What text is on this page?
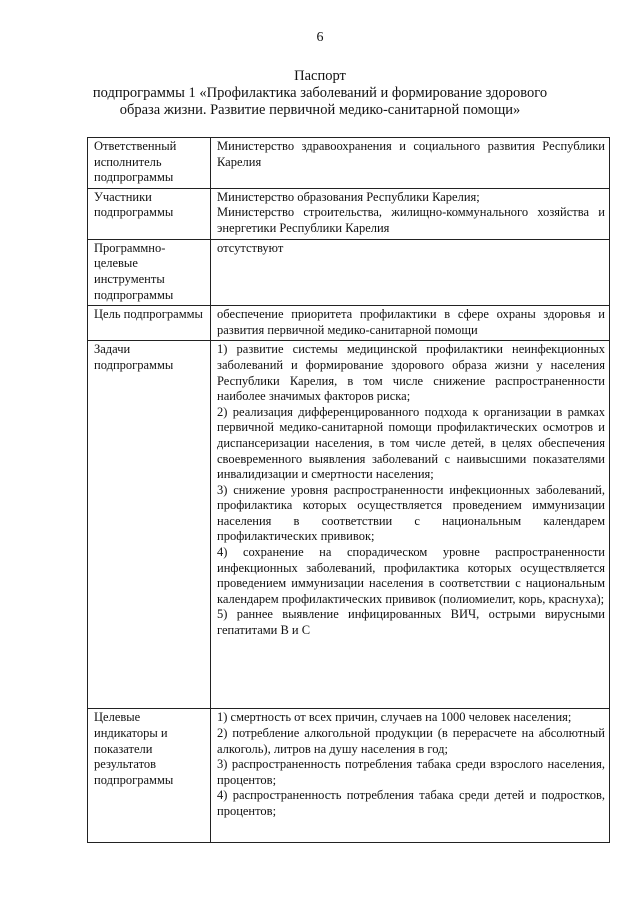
6
Паспорт
подпрограммы 1 «Профилактика заболеваний и формирование здорового
образа жизни. Развитие первичной медико-санитарной помощи»
Ответственный исполнитель подпрограммы	Министерство здравоохранения и социального развития Республики Карелия

Участники подпрограммы	Министерство образования Республики Карелия;

Министерство строительства, жилищно-коммунального хозяйства и энергетики Республики Карелия

Программно-целевые инструменты подпрограммы	отсутствуют

Цель подпрограммы	обеспечение приоритета профилактики в сфере охраны здоровья и развития первичной медико-санитарной помощи

Задачи подпрограммы	1) развитие системы медицинской профилактики неинфекционных заболеваний и формирование здорового образа жизни у населения Республики Карелия, в том числе снижение распространенности наиболее значимых факторов риска;

2) реализация дифференцированного подхода к организации в рамках первичной медико-санитарной помощи профилактических осмотров и диспансеризации населения, в том числе детей, в целях обеспечения своевременного выявления заболеваний с наивысшими показателями инвалидизации и смертности населения;

3) снижение уровня распространенности инфекционных заболеваний, профилактика которых осуществляется проведением иммунизации населения в соответствии с национальным календарем профилактических прививок;

4) сохранение на спорадическом уровне распространенности инфекционных заболеваний, профилактика которых осуществляется проведением иммунизации населения в соответствии с национальным календарем профилактических прививок (полиомиелит, корь, краснуха);

5) раннее выявление инфицированных ВИЧ, острыми вирусными гепатитами В и С

Целевые индикаторы и показатели результатов подпрограммы	1) смертность от всех причин, случаев на 1000 человек населения;

2) потребление алкогольной продукции (в перерасчете на абсолютный алкоголь), литров на душу населения в год;

3) распространенность потребления табака среди взрослого населения, процентов;

4) распространенность потребления табака среди детей и подростков, процентов;
